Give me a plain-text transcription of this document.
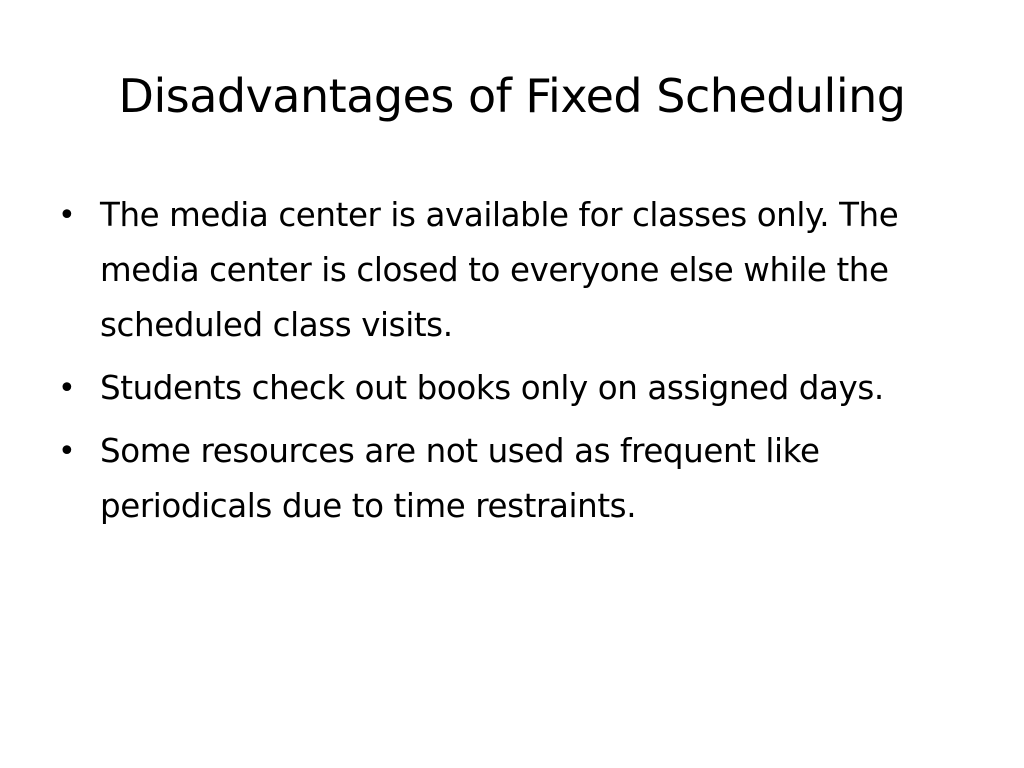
Disadvantages of Fixed Scheduling
• The media center is available for classes only. The media center is closed to everyone else while the scheduled class visits.
• Students check out books only on assigned days.
• Some resources are not used as frequent like periodicals due to time restraints.
